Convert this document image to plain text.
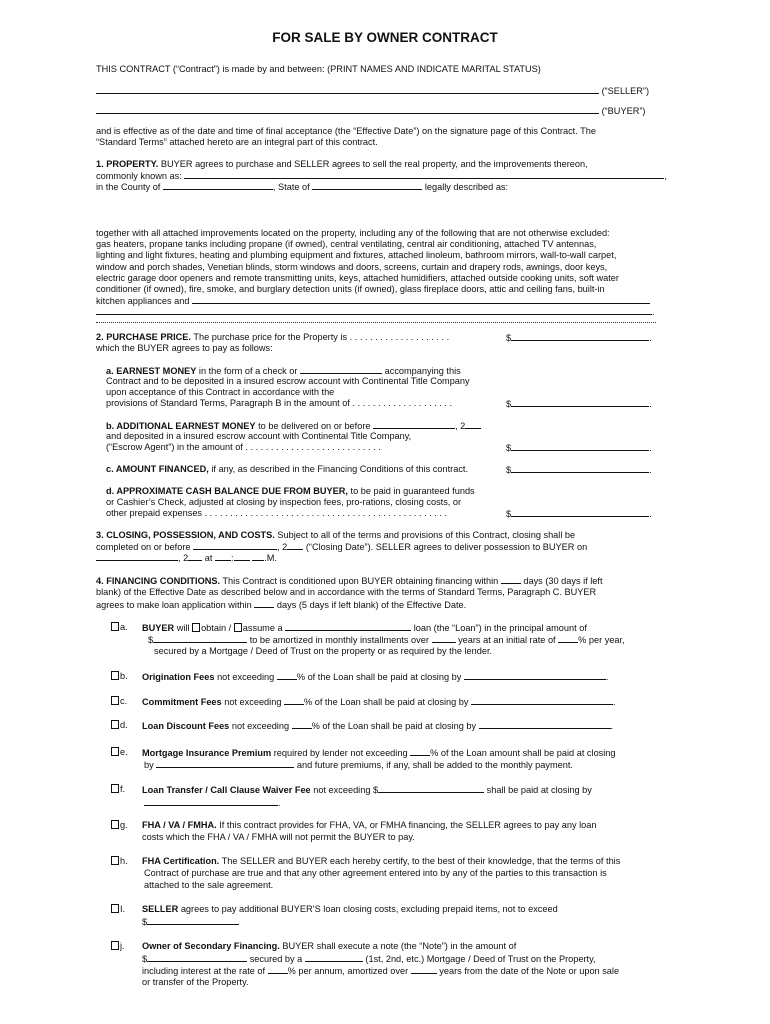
FOR SALE BY OWNER CONTRACT
THIS CONTRACT (“Contract”) is made by and between: (PRINT NAMES AND INDICATE MARITAL STATUS)
(“SELLER”)
(“BUYER”)
and is effective as of the date and time of final acceptance (the “Effective Date”) on the signature page of this Contract. The
“Standard Terms” attached hereto are an integral part of this contract.
1. PROPERTY. BUYER agrees to purchase and SELLER agrees to sell the real property, and the improvements thereon,
commonly known as:	,
in the County of	, State of	legally described as:
together with all attached improvements located on the property, including any of the following that are not otherwise excluded:
gas heaters, propane tanks including propane (if owned), central ventilating, central air conditioning, attached TV antennas,
lighting and light fixtures, heating and plumbing equipment and fixtures, attached linoleum, bathroom mirrors, wall-to-wall carpet,
window and porch shades, Venetian blinds, storm windows and doors, screens, curtain and drapery rods, awnings, door keys,
electric garage door openers and remote transmitting units, keys, attached humidifiers, attached outside cooking units, soft water
conditioner (if owned), fire, smoke, and burglary detection units (if owned), glass fireplace doors, attic and ceiling fans, built-in
kitchen appliances and
.
2. PURCHASE PRICE. The purchase price for the Property is . . . . . . . . . . . . . . . . . . . .	$	.
which the BUYER agrees to pay as follows:
a. EARNEST MONEY in the form of a check or	accompanying this
Contract and to be deposited in a insured escrow account with Continental Title Company
upon acceptance of this Contract in accordance with the
provisions of Standard Terms, Paragraph B in the amount of . . . . . . . . . . . . . . . . . . . .	$	.
b. ADDITIONAL EARNEST MONEY to be delivered on or before	, 2
and deposited in a insured escrow account with Continental Title Company,
(“Escrow Agent”) in the amount of . . . . . . . . . . . . . . . . . . . . . . . . . . .	$	.
c. AMOUNT FINANCED, if any, as described in the Financing Conditions of this contract.	$	.
d. APPROXIMATE CASH BALANCE DUE FROM BUYER, to be paid in guaranteed funds
or Cashier’s Check, adjusted at closing by inspection fees, pro-rations, closing costs, or
other prepaid expenses . . . . . . . . . . . . . . . . . . . . . . . . . . . . . . . . . . . . . . . . . . . . . . . .	$	.
3. CLOSING, POSSESSION, AND COSTS. Subject to all of the terms and provisions of this Contract, closing shall be
completed on or before	, 2 (“Closing Date”). SELLER agrees to deliver possession to BUYER on
, 2 at :	.M.
4. FINANCING CONDITIONS. This Contract is conditioned upon BUYER obtaining financing within	days (30 days if left
blank) of the Effective Date as described below and in accordance with the terms of Standard Terms, Paragraph C. BUYER
agrees to make loan application within	days (5 days if left blank) of the Effective Date.
a. BUYER will obtain / assume a	loan (the “Loan”) in the principal amount of
$	to be amortized in monthly installments over	years at an initial rate of % per year,
secured by a Mortgage / Deed of Trust on the property or as required by the lender.
b. Origination Fees not exceeding % of the Loan shall be paid at closing by	.
c. Commitment Fees not exceeding % of the Loan shall be paid at closing by	.
d. Loan Discount Fees not exceeding % of the Loan shall be paid at closing by	.
e. Mortgage Insurance Premium required by lender not exceeding % of the Loan amount shall be paid at closing
by	and future premiums, if any, shall be added to the monthly payment.
f. Loan Transfer / Call Clause Waiver Fee not exceeding $	shall be paid at closing by
.
g. FHA / VA / FMHA. If this contract provides for FHA, VA, or FMHA financing, the SELLER agrees to pay any loan
costs which the FHA / VA / FMHA will not permit the BUYER to pay.
h. FHA Certification. The SELLER and BUYER each hereby certify, to the best of their knowledge, that the terms of this
Contract of purchase are true and that any other agreement entered into by any of the parties to this transaction is
attached to the sale agreement.
I. SELLER agrees to pay additional BUYER’S loan closing costs, excluding prepaid items, not to exceed
$
j. Owner of Secondary Financing. BUYER shall execute a note (the “Note”) in the amount of
$	secured by a	(1st, 2nd, etc.) Mortgage / Deed of Trust on the Property,
including interest at the rate of % per annum, amortized over	years from the date of the Note or upon sale
or transfer of the Property.
